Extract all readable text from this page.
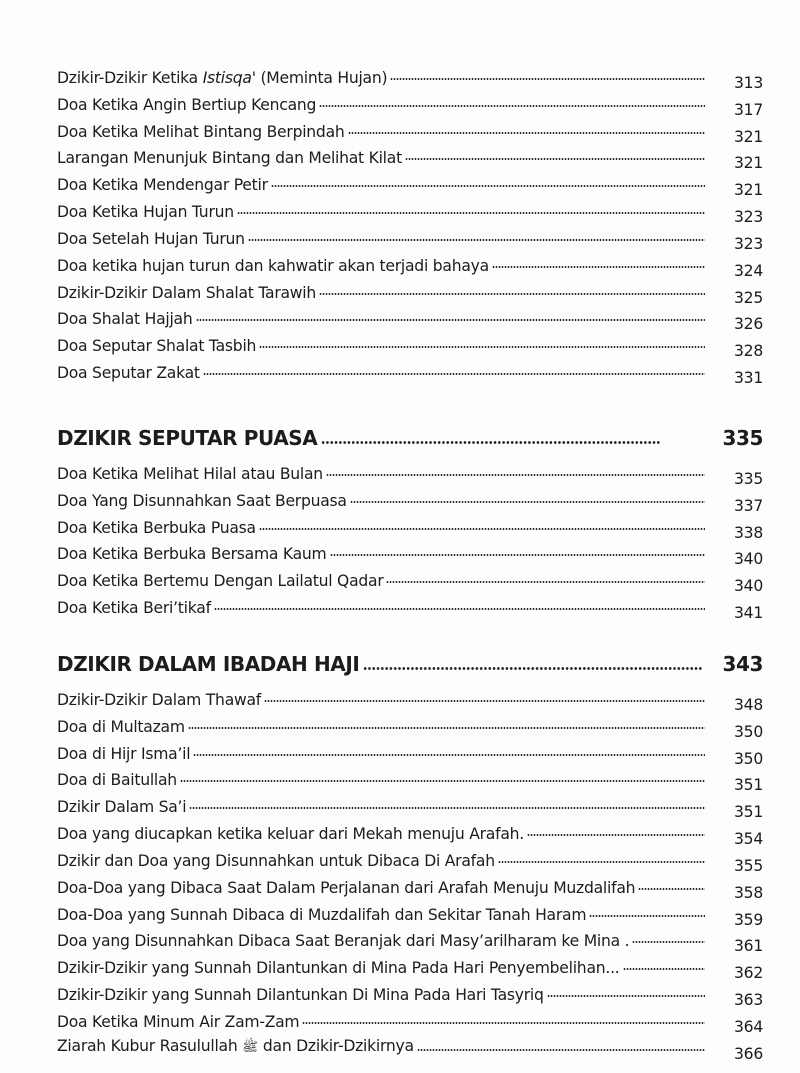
Dzikir-Dzikir Ketika Istisqa' (Meminta Hujan)	313
Doa Ketika Angin Bertiup Kencang	317
Doa Ketika Melihat Bintang Berpindah	321
Larangan Menunjuk Bintang dan Melihat Kilat	321
Doa Ketika Mendengar Petir	321
Doa Ketika Hujan Turun	323
Doa Setelah Hujan Turun	323
Doa ketika hujan turun dan kahwatir akan terjadi bahaya	324
Dzikir-Dzikir Dalam Shalat Tarawih	325
Doa Shalat Hajjah	326
Doa Seputar Shalat Tasbih	328
Doa Seputar Zakat	331
DZIKIR SEPUTAR PUASA	335
Doa Ketika Melihat Hilal atau Bulan	335
Doa Yang Disunnahkan Saat Berpuasa	337
Doa Ketika Berbuka Puasa	338
Doa Ketika Berbuka Bersama Kaum	340
Doa Ketika Bertemu Dengan Lailatul Qadar	340
Doa Ketika Beri’tikaf	341
DZIKIR DALAM IBADAH HAJI	343
Dzikir-Dzikir Dalam Thawaf	348
Doa di Multazam	350
Doa di Hijr Isma’il	350
Doa di Baitullah	351
Dzikir Dalam Sa’i	351
Doa yang diucapkan ketika keluar dari Mekah menuju Arafah.	354
Dzikir dan Doa yang Disunnahkan untuk Dibaca Di Arafah	355
Doa-Doa yang Dibaca Saat Dalam Perjalanan dari Arafah Menuju Muzdalifah	358
Doa-Doa yang Sunnah Dibaca di Muzdalifah dan Sekitar Tanah Haram	359
Doa yang Disunnahkan Dibaca Saat Beranjak dari Masy’arilharam ke Mina .	361
Dzikir-Dzikir yang Sunnah Dilantunkan di Mina Pada Hari Penyembelihan...	362
Dzikir-Dzikir yang Sunnah Dilantunkan Di Mina Pada Hari Tasyriq	363
Doa Ketika Minum Air Zam-Zam	364
Ziarah Kubur Rasulullah ﷺ dan Dzikir-Dzikirnya	366
